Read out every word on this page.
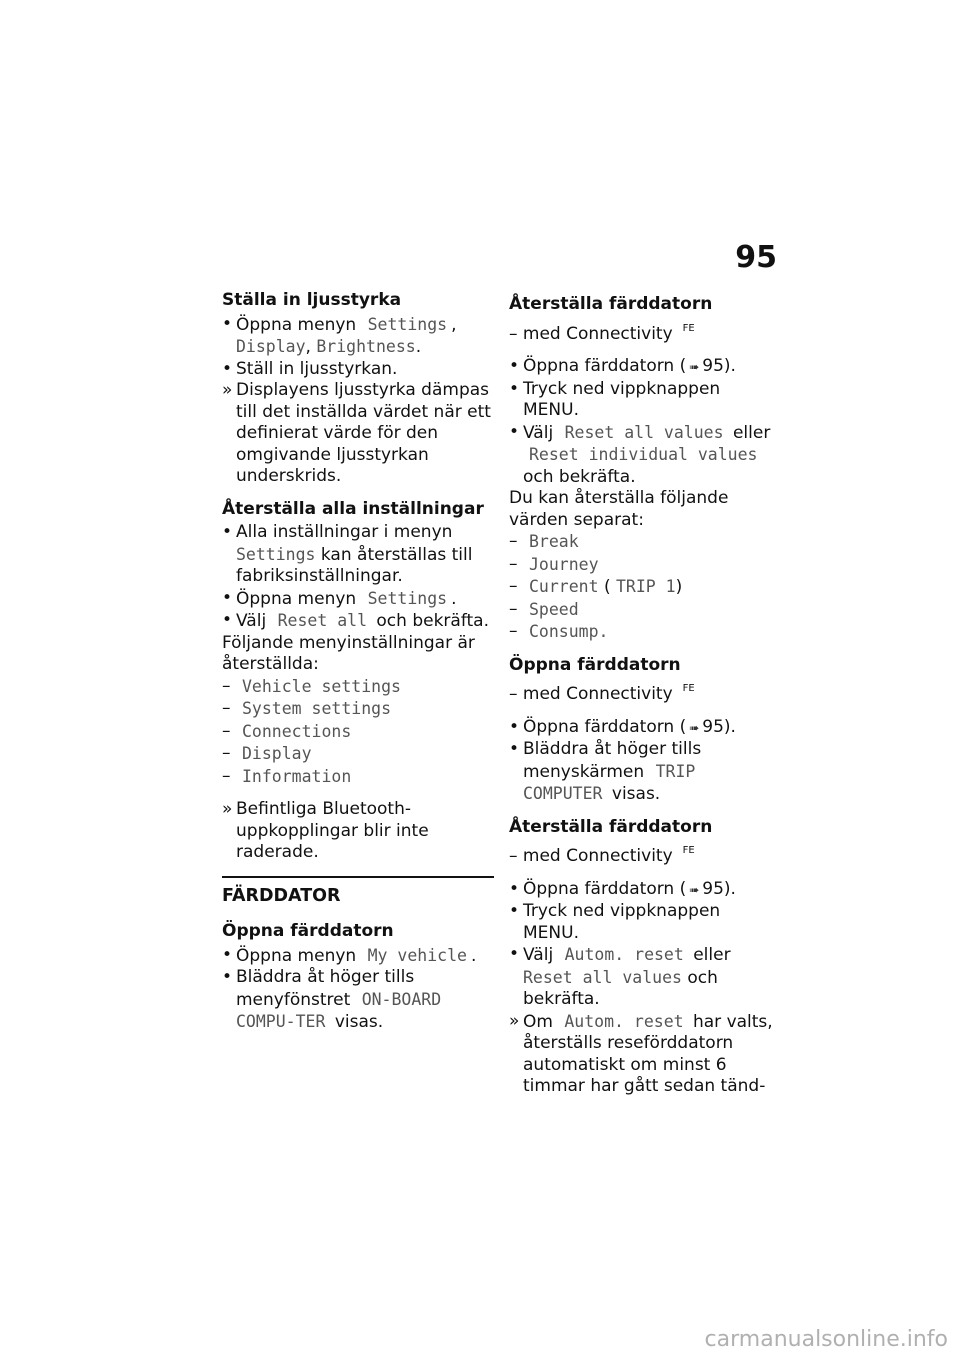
95
Ställa in ljusstyrka
• Öppna menyn Settings , Display, Brightness.
• Ställ in ljusstyrkan.
» Displayens ljusstyrka dämpas till det inställda värdet när ett definierat värde för den omgivande ljusstyrkan underskrids.
Återställa alla inställningar
• Alla inställningar i menyn Settings kan återställas till fabriksinställningar.
• Öppna menyn Settings .
• Välj Reset all och bekräfta.
Följande menyinställningar är återställda:
– Vehicle settings
– System settings
– Connections
– Display
– Information
» Befintliga Bluetooth-uppkopplingar blir inte raderade.
FÄRDDATOR
Öppna färddatorn
• Öppna menyn My vehicle .
• Bläddra åt höger tills menyfönstret ON-BOARD COMPU-TER visas.
Återställa färddatorn
– med Connectivity $^{FE}$
• Öppna färddatorn ( ➠ 95).
• Tryck ned vippknappen MENU.
• Välj Reset all values eller Reset individual values och bekräfta.
Du kan återställa följande värden separat:
– Break
– Journey
– Current ( TRIP 1)
– Speed
– Consump.
Öppna färddatorn
– med Connectivity $^{FE}$
• Öppna färddatorn ( ➠ 95).
• Bläddra åt höger tills menyskärmen TRIP COMPUTER visas.
Återställa färddatorn
– med Connectivity $^{FE}$
• Öppna färddatorn ( ➠ 95).
• Tryck ned vippknappen MENU.
• Välj Autom. reset eller Reset all values och bekräfta.
» Om Autom. reset har valts, återställs reseförddatorn automatiskt om minst 6 timmar har gått sedan tänd-
carmanualsonline.info
